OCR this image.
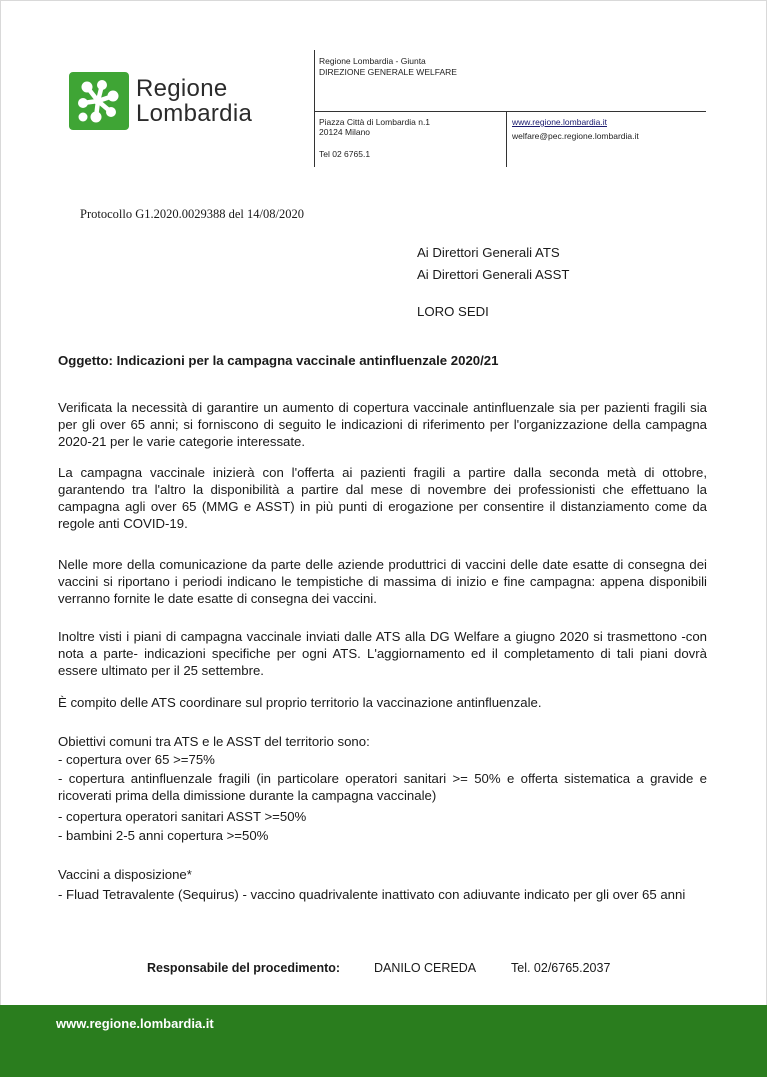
Regione
Lombardia
Regione Lombardia - Giunta
DIREZIONE GENERALE WELFARE
Piazza Città di Lombardia n.1
20124 Milano
Tel 02 6765.1
www.regione.lombardia.it
welfare@pec.regione.lombardia.it
Protocollo G1.2020.0029388 del 14/08/2020
Ai Direttori Generali ATS
Ai Direttori Generali ASST
LORO SEDI
Oggetto: Indicazioni per la campagna vaccinale antinfluenzale 2020/21
Verificata la necessità di garantire un aumento di copertura vaccinale antinfluenzale sia per pazienti fragili sia per gli over 65 anni; si forniscono di seguito le indicazioni di riferimento per l'organizzazione della campagna 2020-21 per le varie categorie interessate.
La campagna vaccinale inizierà con l'offerta ai pazienti fragili a partire dalla seconda metà di ottobre, garantendo tra l'altro la disponibilità a partire dal mese di novembre dei professionisti che effettuano la campagna agli over 65 (MMG e ASST) in più punti di erogazione per consentire il distanziamento come da regole anti COVID-19.
Nelle more della comunicazione da parte delle aziende produttrici di vaccini delle date esatte di consegna dei vaccini si riportano i periodi indicano le tempistiche di massima di inizio e fine campagna: appena disponibili verranno fornite le date esatte di consegna dei vaccini.
Inoltre visti i piani di campagna vaccinale inviati dalle ATS alla DG Welfare a giugno 2020 si trasmettono -con nota a parte- indicazioni specifiche per ogni ATS. L'aggiornamento ed il completamento di tali piani dovrà essere ultimato per il 25 settembre.
È compito delle ATS coordinare sul proprio territorio la vaccinazione antinfluenzale.
Obiettivi comuni tra ATS e le ASST del territorio sono:
- copertura over 65 >=75%
- copertura antinfluenzale fragili (in particolare operatori sanitari >= 50% e offerta sistematica a gravide e ricoverati prima della dimissione durante la campagna vaccinale)
- copertura operatori sanitari ASST >=50%
- bambini 2-5 anni copertura >=50%
Vaccini a disposizione*
- Fluad Tetravalente (Sequirus) - vaccino quadrivalente inattivato con adiuvante indicato per gli over 65 anni
Responsabile del procedimento:	DANILO CEREDA	Tel. 02/6765.2037
www.regione.lombardia.it
